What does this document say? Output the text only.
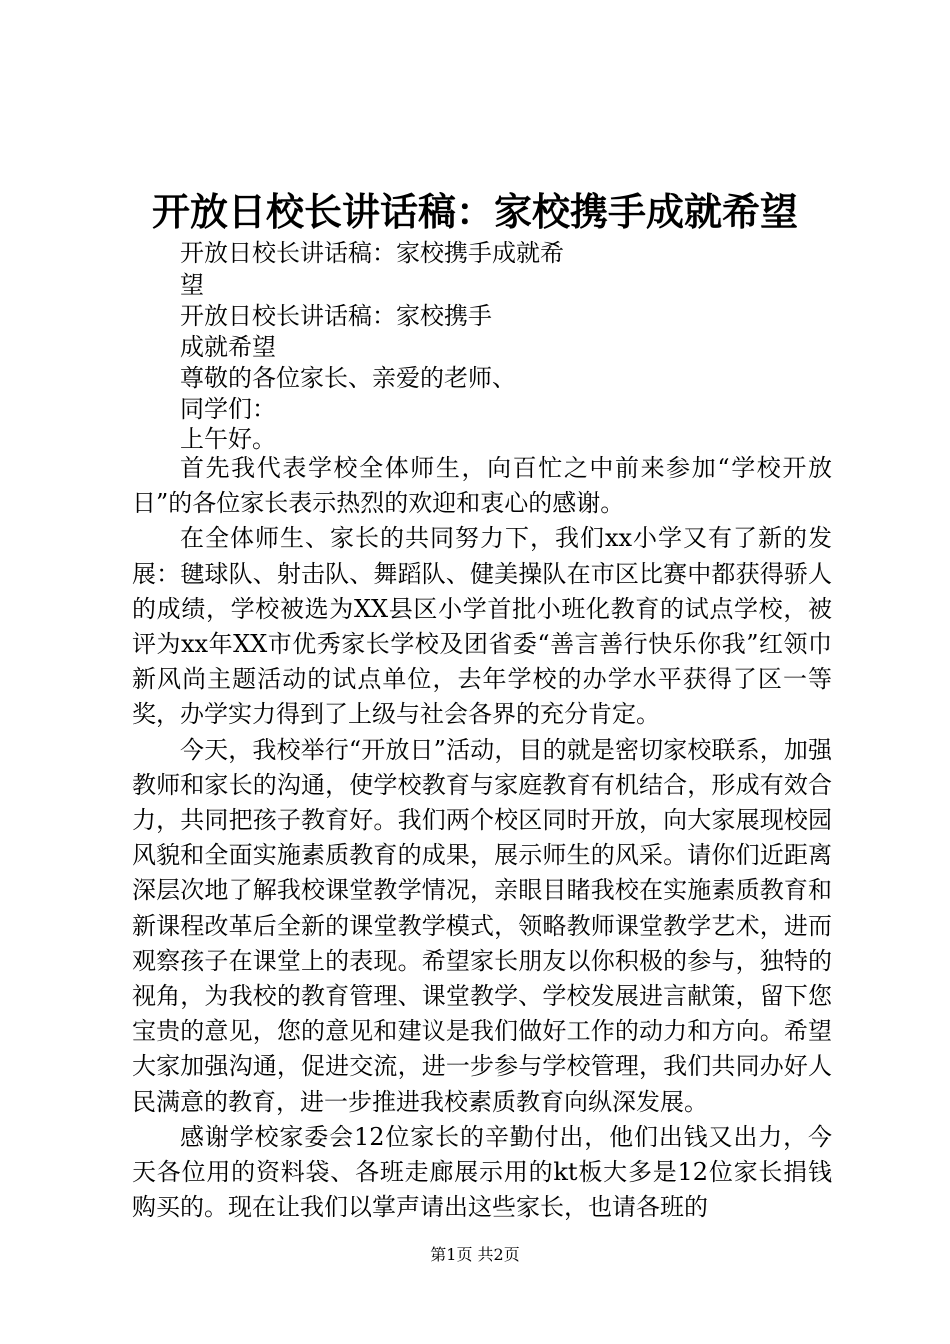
开放日校长讲话稿：家校携手成就希望
开放日校长讲话稿：家校携手成就希
望
开放日校长讲话稿：家校携手
成就希望
尊敬的各位家长、亲爱的老师、
同学们：
上午好。

首先我代表学校全体师生，向百忙之中前来参加“学校开放日”的各位家长表示热烈的欢迎和衷心的感谢。

在全体师生、家长的共同努力下，我们xx小学又有了新的发展：毽球队、射击队、舞蹈队、健美操队在市区比赛中都获得骄人的成绩，学校被选为XX县区小学首批小班化教育的试点学校，被评为xx年XX市优秀家长学校及团省委“善言善行快乐你我”红领巾新风尚主题活动的试点单位，去年学校的办学水平获得了区一等奖，办学实力得到了上级与社会各界的充分肯定。

今天，我校举行“开放日”活动，目的就是密切家校联系，加强教师和家长的沟通，使学校教育与家庭教育有机结合，形成有效合力，共同把孩子教育好。我们两个校区同时开放，向大家展现校园风貌和全面实施素质教育的成果，展示师生的风采。请你们近距离深层次地了解我校课堂教学情况，亲眼目睹我校在实施素质教育和新课程改革后全新的课堂教学模式，领略教师课堂教学艺术，进而观察孩子在课堂上的表现。希望家长朋友以你积极的参与，独特的视角，为我校的教育管理、课堂教学、学校发展进言献策，留下您宝贵的意见，您的意见和建议是我们做好工作的动力和方向。希望大家加强沟通，促进交流，进一步参与学校管理，我们共同办好人民满意的教育，进一步推进我校素质教育向纵深发展。

感谢学校家委会12位家长的辛勤付出，他们出钱又出力，今天各位用的资料袋、各班走廊展示用的kt板大多是12位家长捐钱购买的。现在让我们以掌声请出这些家长，也请各班的

第1页 共2页
